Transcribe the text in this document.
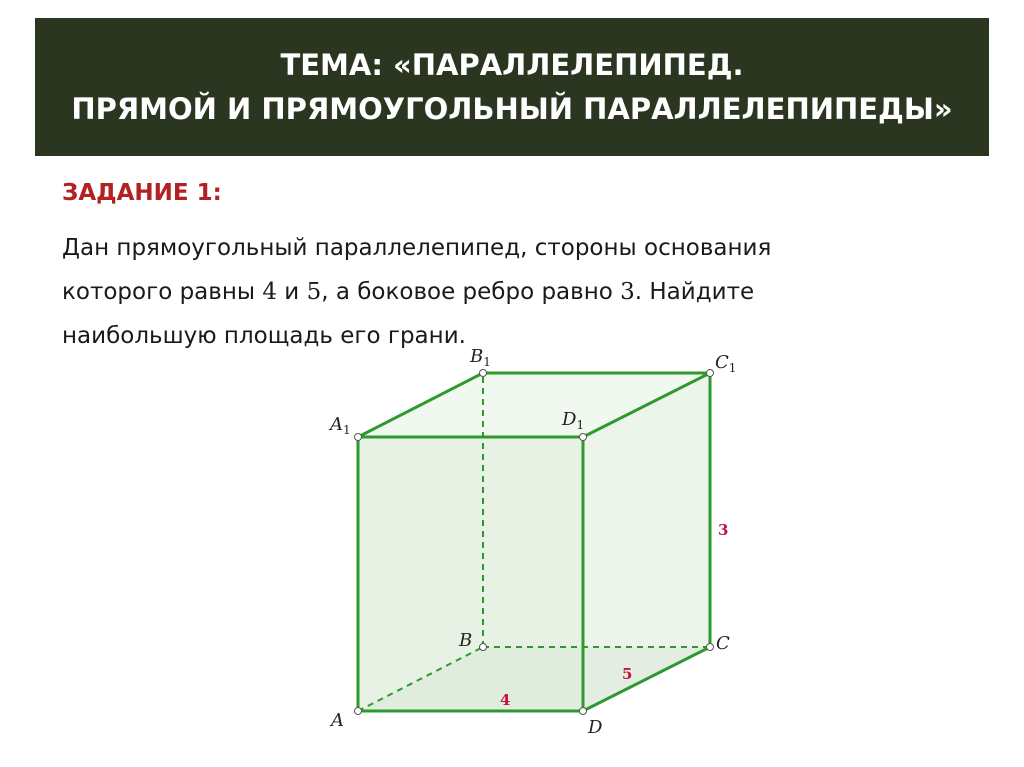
ТЕМА: «ПАРАЛЛЕЛЕПИПЕД.
ПРЯМОЙ И ПРЯМОУГОЛЬНЫЙ ПАРАЛЛЕЛЕПИПЕДЫ»
ЗАДАНИЕ 1:
Дан прямоугольный параллелепипед, стороны основания
которого равны 4 и 5, а боковое ребро равно 3. Найдите
наибольшую площадь его грани.
A
B	C
D
$A_1$
$B_1$	$C_1$
$D_1$
4
5
3
